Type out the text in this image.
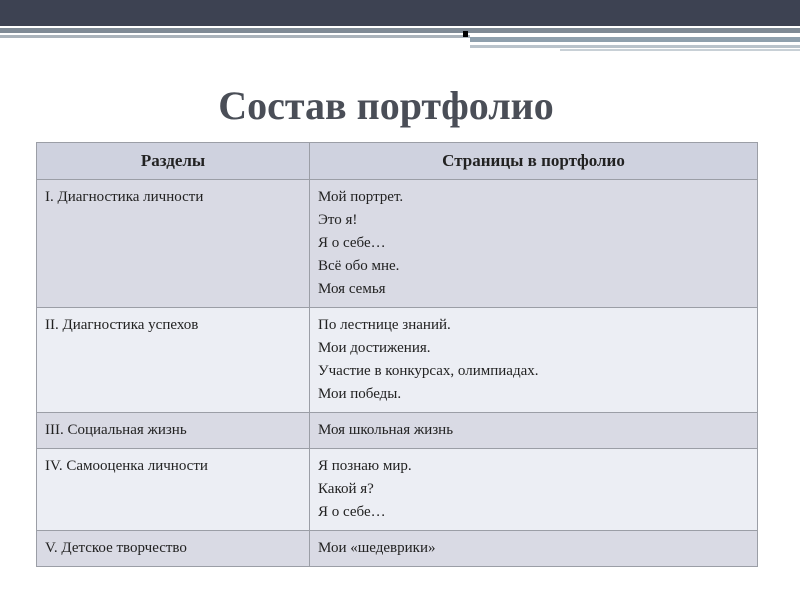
Состав портфолио
Разделы	Страницы в портфолио
I. Диагностика личности	Мой портрет.
Это я!
Я о себе…
Всё обо мне.
Моя семья

II. Диагностика успехов	По лестнице знаний.
Мои достижения.
Участие в конкурсах, олимпиадах.
Мои победы.

III. Социальная жизнь	Моя школьная жизнь

IV. Самооценка личности	Я познаю мир.
Какой я?
Я о себе…

V. Детское творчество	Мои «шедеврики»
